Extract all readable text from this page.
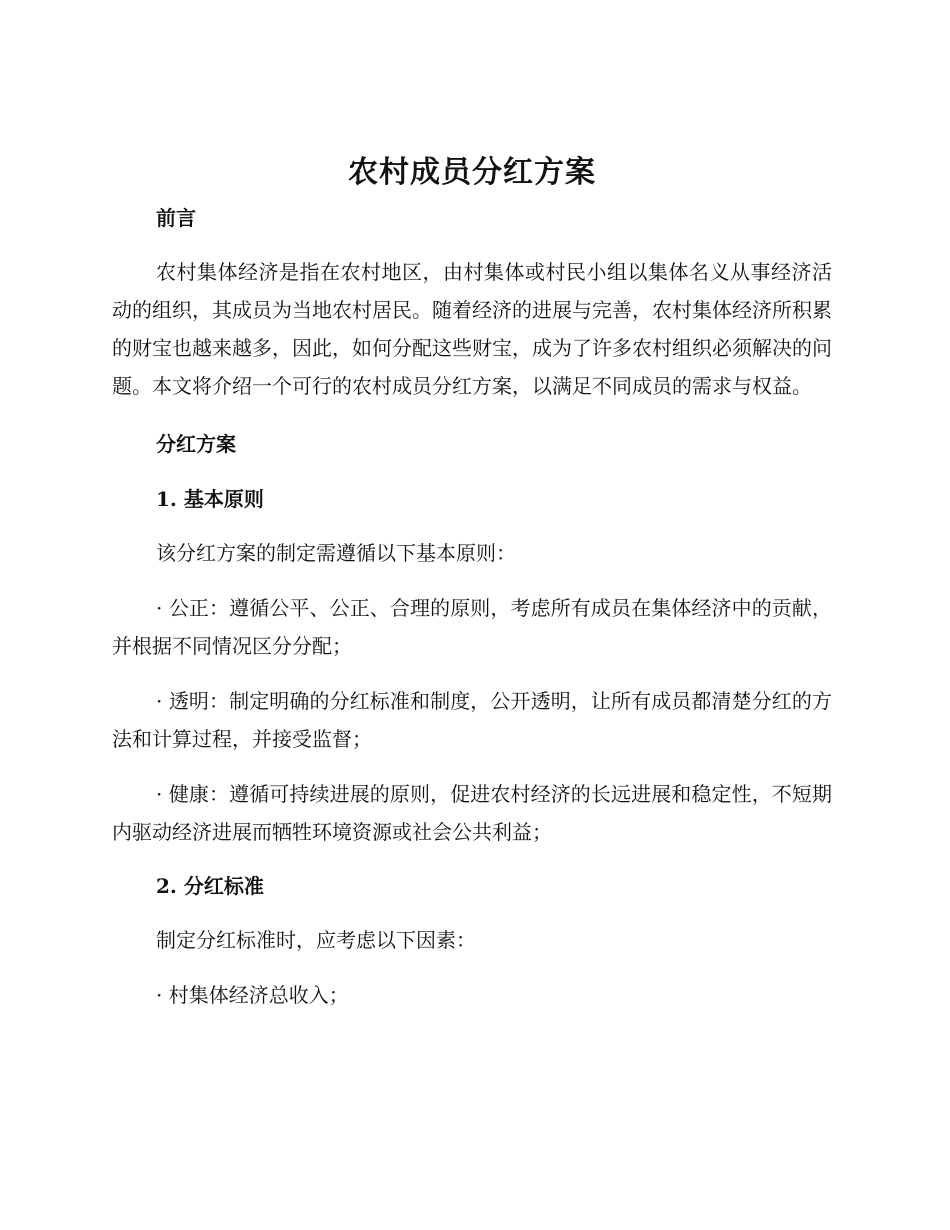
农村成员分红方案

前言

农村集体经济是指在农村地区，由村集体或村民小组以集体名义从事经济活动的组织，其成员为当地农村居民。随着经济的进展与完善，农村集体经济所积累的财宝也越来越多，因此，如何分配这些财宝，成为了许多农村组织必须解决的问题。本文将介绍一个可行的农村成员分红方案，以满足不同成员的需求与权益。

分红方案

1. 基本原则

该分红方案的制定需遵循以下基本原则：

· 公正：遵循公平、公正、合理的原则，考虑所有成员在集体经济中的贡献，并根据不同情况区分分配；

· 透明：制定明确的分红标准和制度，公开透明，让所有成员都清楚分红的方法和计算过程，并接受监督；

· 健康：遵循可持续进展的原则，促进农村经济的长远进展和稳定性，不短期内驱动经济进展而牺牲环境资源或社会公共利益；

2. 分红标准

制定分红标准时，应考虑以下因素：

· 村集体经济总收入；
